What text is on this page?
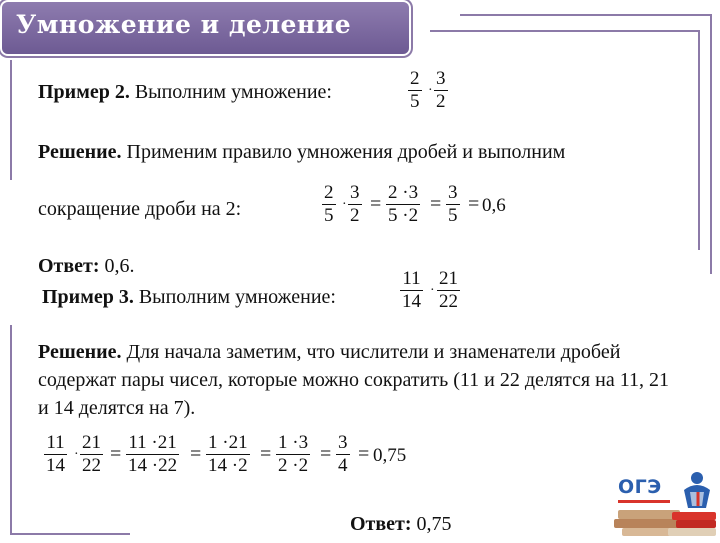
Умножение и деление
Пример 2. Выполним умножение:	$\frac{2}{5} \cdot \frac{3}{2}$
Решение. Применим правило умножения дробей и выполним
сокращение дроби на 2:	$\frac{2}{5} \cdot \frac{3}{2} = \frac{2 \cdot 3}{5 \cdot 2} = \frac{3}{5} = 0,6$
Ответ: 0,6.
Пример 3. Выполним умножение:	$\frac{11}{14} \cdot \frac{21}{22}$
Решение. Для начала заметим, что числители и знаменатели дробей содержат пары чисел, которые можно сократить (11 и 22 делятся на 11, 21 и 14 делятся на 7).
$\frac{11}{14} \cdot \frac{21}{22} = \frac{11 \cdot 21}{14 \cdot 22} = \frac{1 \cdot 21}{14 \cdot 2} = \frac{1 \cdot 3}{2 \cdot 2} = \frac{3}{4} = 0,75$
Ответ: 0,75
ОГЭ
